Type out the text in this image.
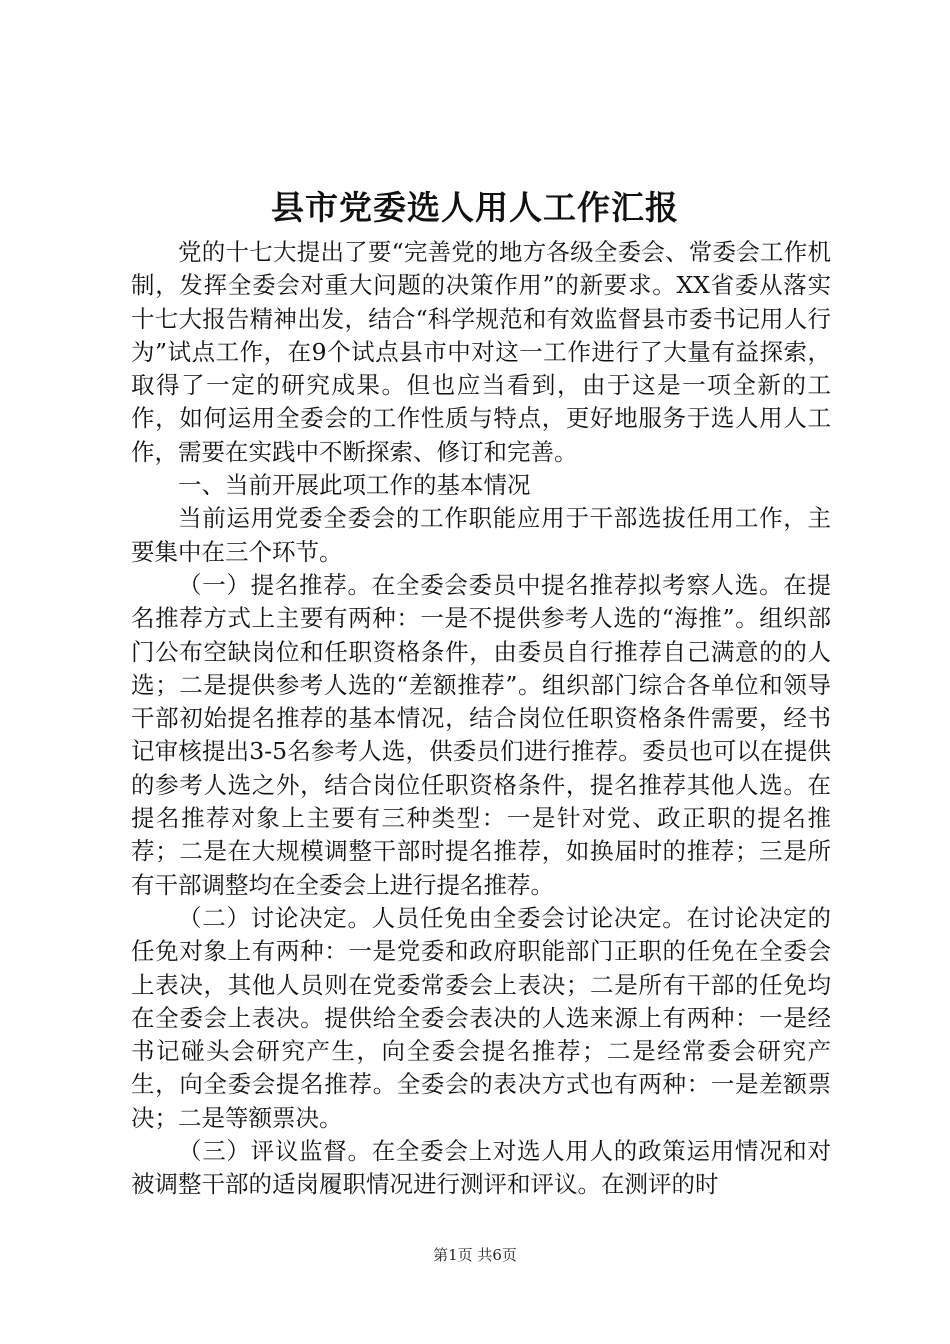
县市党委选人用人工作汇报

党的十七大提出了要“完善党的地方各级全委会、常委会工作机制，发挥全委会对重大问题的决策作用”的新要求。XX省委从落实十七大报告精神出发，结合“科学规范和有效监督县市委书记用人行为”试点工作，在9个试点县市中对这一工作进行了大量有益探索，取得了一定的研究成果。但也应当看到，由于这是一项全新的工作，如何运用全委会的工作性质与特点，更好地服务于选人用人工作，需要在实践中不断探索、修订和完善。

一、当前开展此项工作的基本情况

当前运用党委全委会的工作职能应用于干部选拔任用工作，主要集中在三个环节。

（一）提名推荐。在全委会委员中提名推荐拟考察人选。在提名推荐方式上主要有两种：一是不提供参考人选的“海推”。组织部门公布空缺岗位和任职资格条件，由委员自行推荐自己满意的的人选；二是提供参考人选的“差额推荐”。组织部门综合各单位和领导干部初始提名推荐的基本情况，结合岗位任职资格条件需要，经书记审核提出3-5名参考人选，供委员们进行推荐。委员也可以在提供的参考人选之外，结合岗位任职资格条件，提名推荐其他人选。在提名推荐对象上主要有三种类型：一是针对党、政正职的提名推荐；二是在大规模调整干部时提名推荐，如换届时的推荐；三是所有干部调整均在全委会上进行提名推荐。

（二）讨论决定。人员任免由全委会讨论决定。在讨论决定的任免对象上有两种：一是党委和政府职能部门正职的任免在全委会上表决，其他人员则在党委常委会上表决；二是所有干部的任免均在全委会上表决。提供给全委会表决的人选来源上有两种：一是经书记碰头会研究产生，向全委会提名推荐；二是经常委会研究产生，向全委会提名推荐。全委会的表决方式也有两种：一是差额票决；二是等额票决。

（三）评议监督。在全委会上对选人用人的政策运用情况和对被调整干部的适岗履职情况进行测评和评议。在测评的时

第1页 共6页
